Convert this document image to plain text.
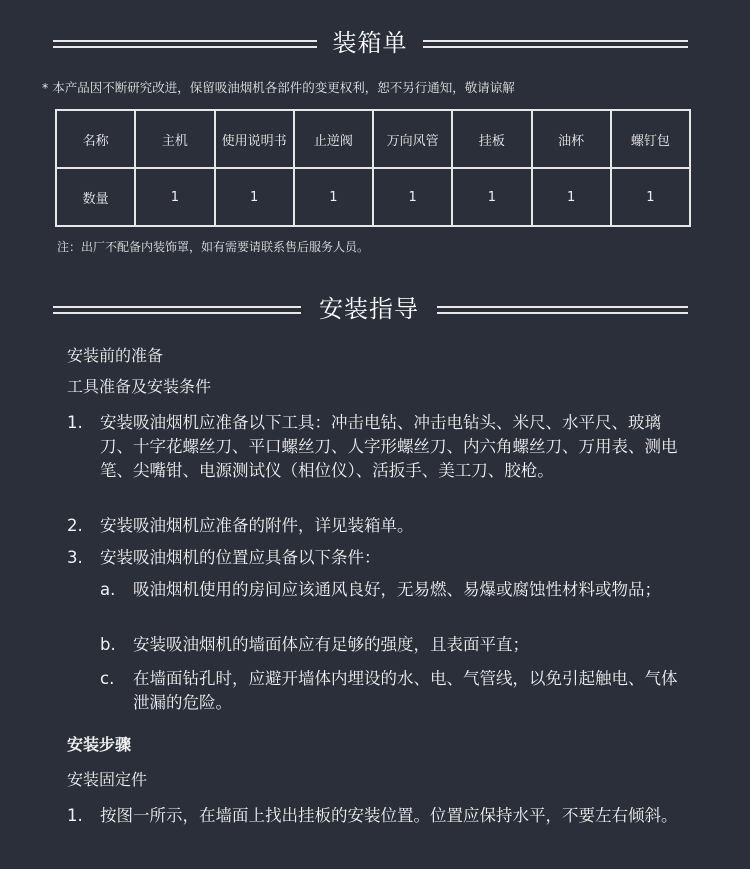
装箱单
* 本产品因不断研究改进，保留吸油烟机各部件的变更权利，恕不另行通知，敬请谅解
名称	主机	使用说明书	止逆阀	万向风管	挂板	油杯	螺钉包
数量	1	1	1	1	1	1	1
注：出厂不配备内装饰罩，如有需要请联系售后服务人员。
安装指导
安装前的准备
工具准备及安装条件
1. 安装吸油烟机应准备以下工具：冲击电钻、冲击电钻头、米尺、水平尺、玻璃刀、十字花螺丝刀、平口螺丝刀、人字形螺丝刀、内六角螺丝刀、万用表、测电笔、尖嘴钳、电源测试仪（相位仪）、活扳手、美工刀、胶枪。
2. 安装吸油烟机应准备的附件，详见装箱单。
3. 安装吸油烟机的位置应具备以下条件：
a. 吸油烟机使用的房间应该通风良好，无易燃、易爆或腐蚀性材料或物品；
b. 安装吸油烟机的墙面体应有足够的强度，且表面平直；
c. 在墙面钻孔时，应避开墙体内埋设的水、电、气管线，以免引起触电、气体泄漏的危险。
安装步骤
安装固定件
1. 按图一所示，在墙面上找出挂板的安装位置。位置应保持水平，不要左右倾斜。
